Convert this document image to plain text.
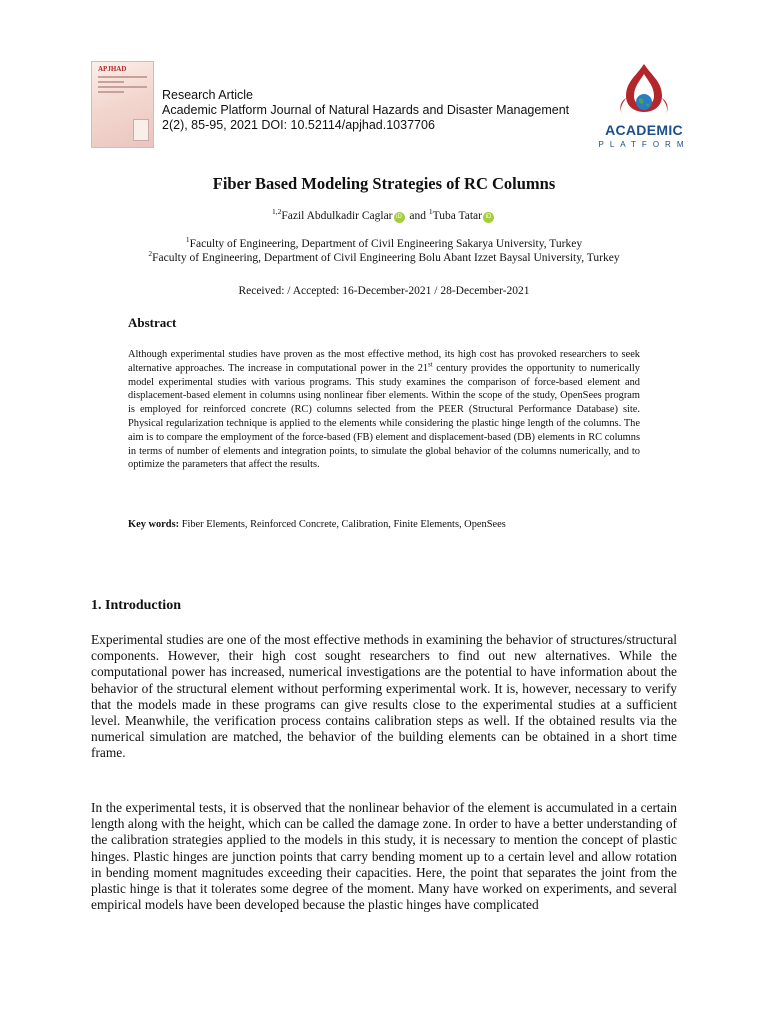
APJHAD
Research Article
Academic Platform Journal of Natural Hazards and Disaster Management
2(2), 85-95, 2021 DOI: 10.52114/apjhad.1037706	ACADEMIC
PLATFORM
Fiber Based Modeling Strategies of RC Columns
$^{1,2}$Fazil Abdulkadir Caglar iD and $^1$Tuba Tatar iD
$^1$Faculty of Engineering, Department of Civil Engineering Sakarya University, Turkey
$^2$Faculty of Engineering, Department of Civil Engineering Bolu Abant Izzet Baysal University, Turkey
Received: / Accepted: 16-December-2021 / 28-December-2021
Abstract
Although experimental studies have proven as the most effective method, its high cost has provoked researchers to seek alternative approaches. The increase in computational power in the 21st century provides the opportunity to numerically model experimental studies with various programs. This study examines the comparison of force-based element and displacement-based element in columns using nonlinear fiber elements. Within the scope of the study, OpenSees program is employed for reinforced concrete (RC) columns selected from the PEER (Structural Performance Database) site. Physical regularization technique is applied to the elements while considering the plastic hinge length of the columns. The aim is to compare the employment of the force-based (FB) element and displacement-based (DB) elements in RC columns in terms of number of elements and integration points, to simulate the global behavior of the columns numerically, and to optimize the parameters that affect the results.
Key words: Fiber Elements, Reinforced Concrete, Calibration, Finite Elements, OpenSees
1. Introduction
Experimental studies are one of the most effective methods in examining the behavior of structures/structural components. However, their high cost sought researchers to find out new alternatives. While the computational power has increased, numerical investigations are the potential to have information about the behavior of the structural element without performing experimental work. It is, however, necessary to verify that the models made in these programs can give results close to the experimental studies at a sufficient level. Meanwhile, the verification process contains calibration steps as well. If the obtained results via the numerical simulation are matched, the behavior of the building elements can be obtained in a short time frame.
In the experimental tests, it is observed that the nonlinear behavior of the element is accumulated in a certain length along with the height, which can be called the damage zone. In order to have a better understanding of the calibration strategies applied to the models in this study, it is necessary to mention the concept of plastic hinges. Plastic hinges are junction points that carry bending moment up to a certain level and allow rotation in bending moment magnitudes exceeding their capacities. Here, the point that separates the joint from the plastic hinge is that it tolerates some degree of the moment. Many have worked on experiments, and several empirical models have been developed because the plastic hinges have complicated
